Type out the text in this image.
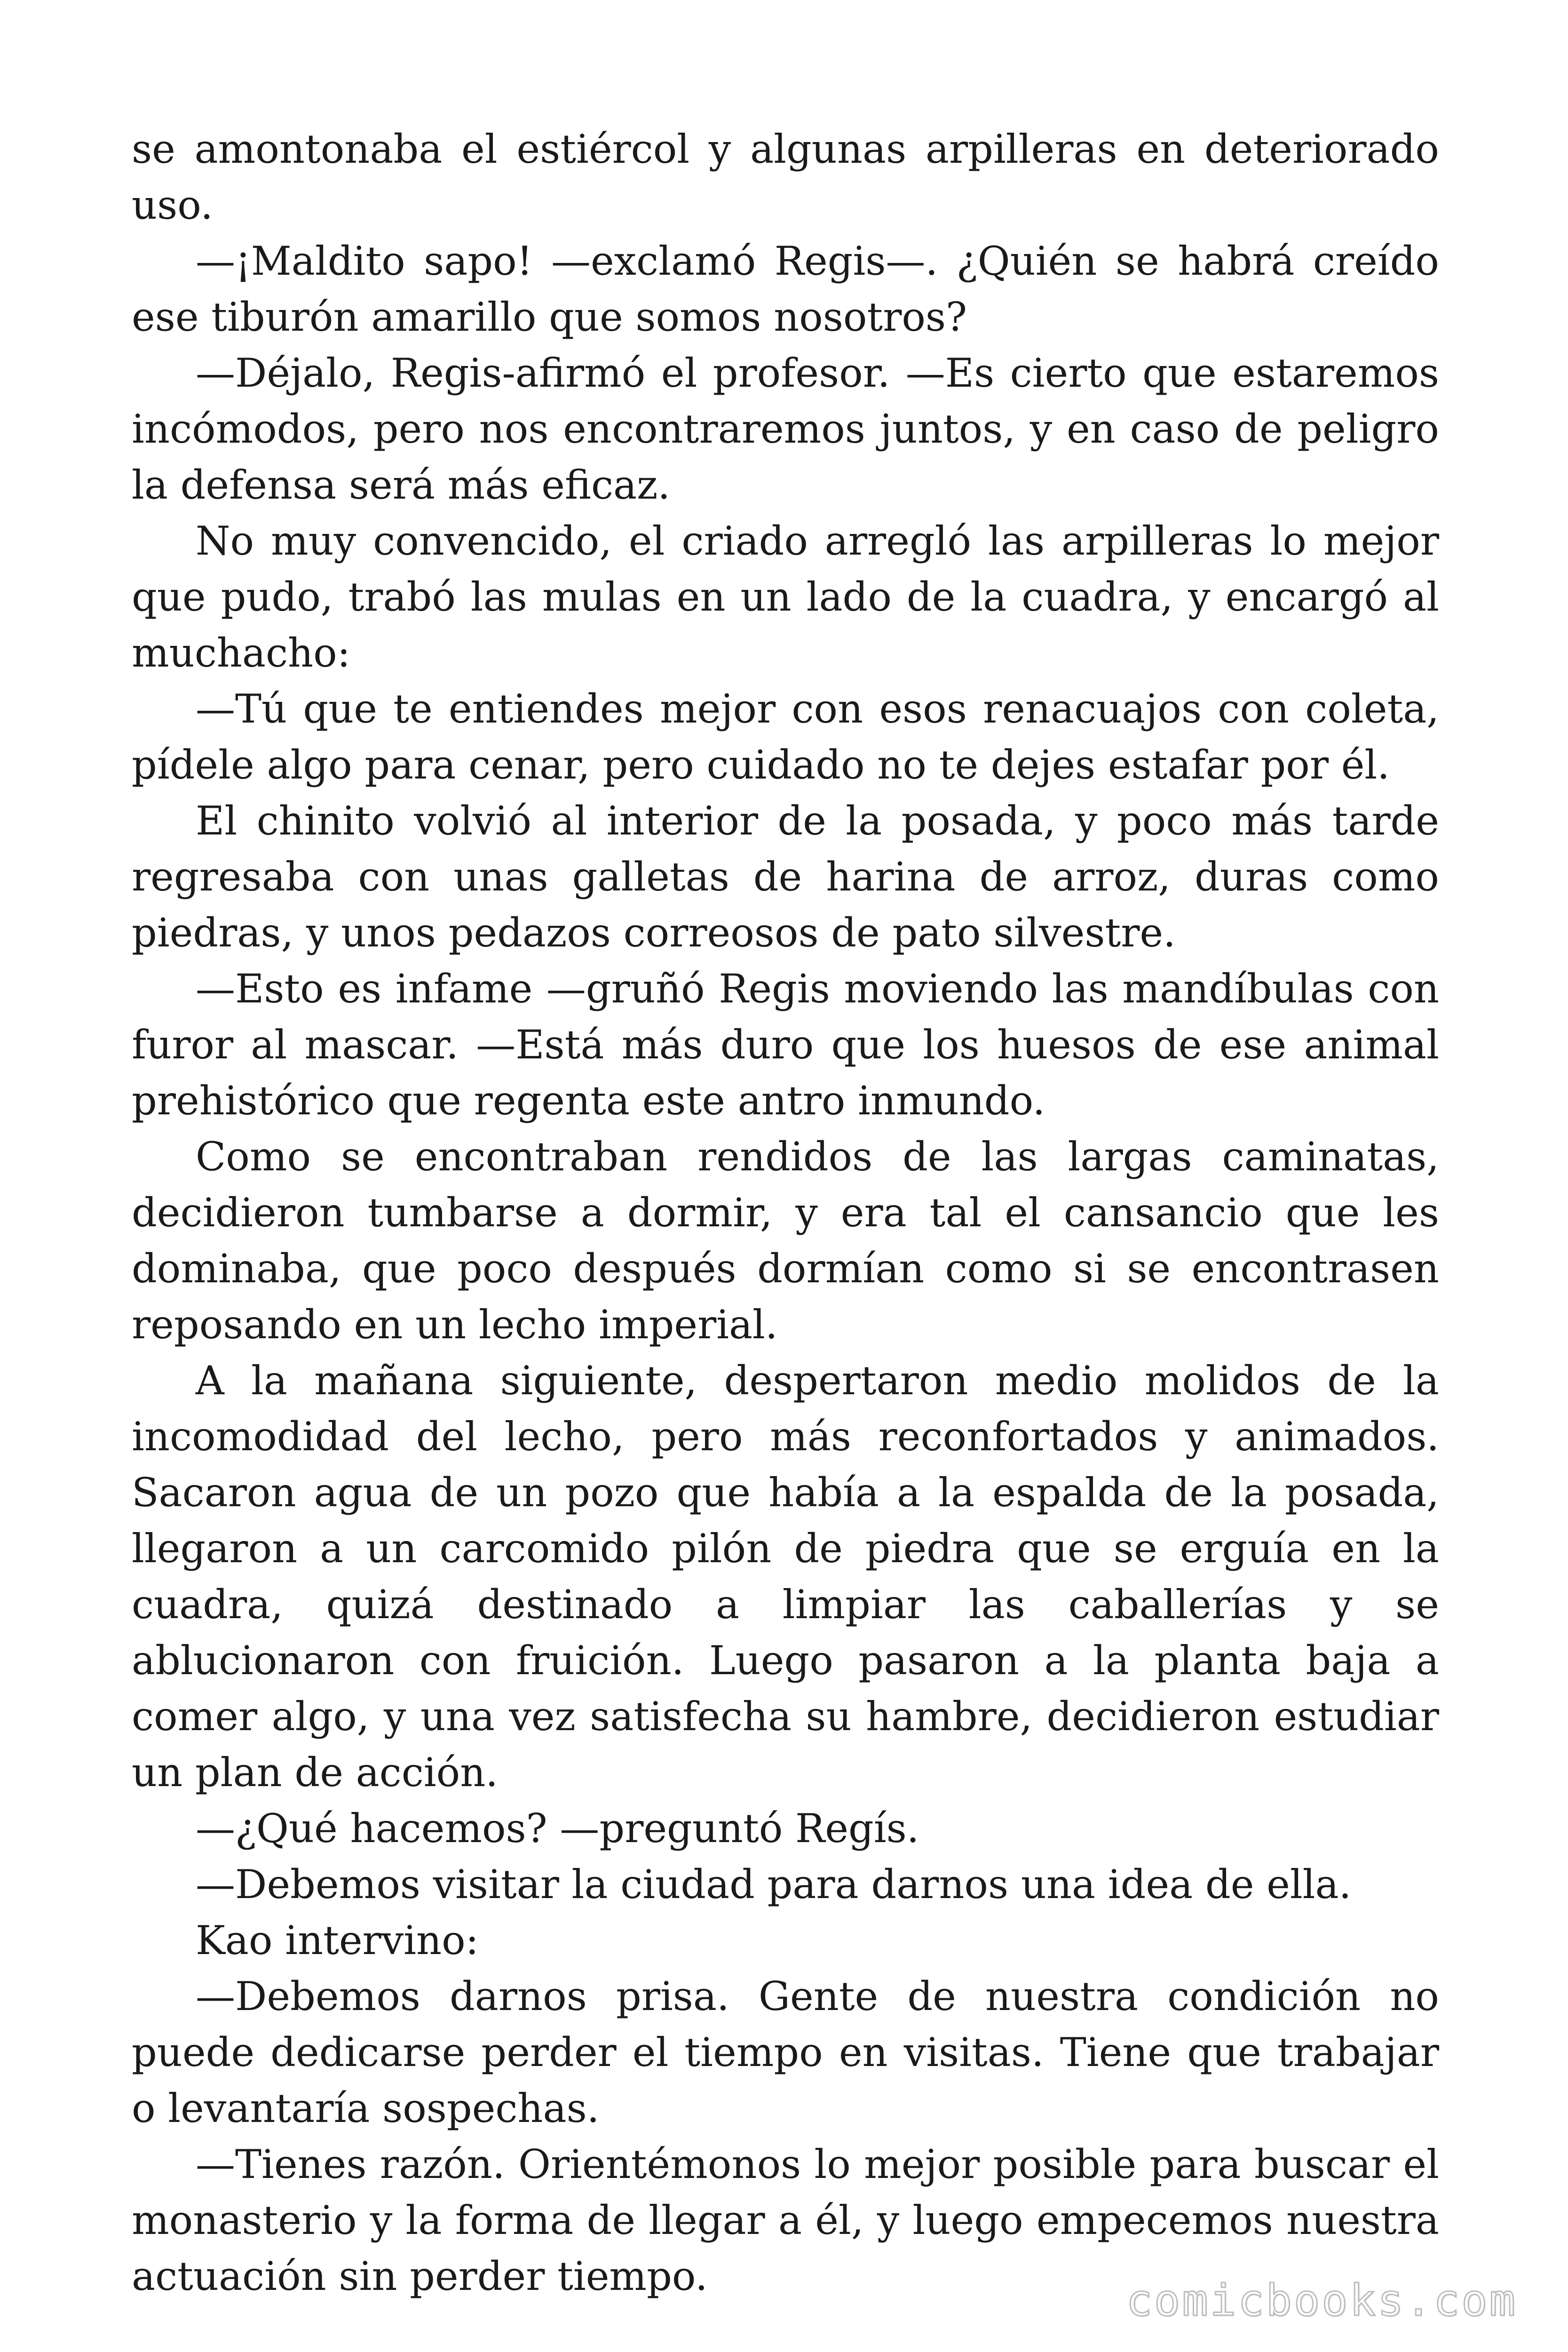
se amontonaba el estiércol y algunas arpilleras en deteriorado uso.

—¡Maldito sapo! —exclamó Regis—. ¿Quién se habrá creído ese tiburón amarillo que somos nosotros?

—Déjalo, Regis-afirmó el profesor. —Es cierto que estaremos incómodos, pero nos encontraremos juntos, y en caso de peligro la defensa será más eficaz.

No muy convencido, el criado arregló las arpilleras lo mejor que pudo, trabó las mulas en un lado de la cuadra, y encargó al muchacho:

—Tú que te entiendes mejor con esos renacuajos con coleta, pídele algo para cenar, pero cuidado no te dejes estafar por él.

El chinito volvió al interior de la posada, y poco más tarde regresaba con unas galletas de harina de arroz, duras como piedras, y unos pedazos correosos de pato silvestre.

—Esto es infame —gruñó Regis moviendo las mandíbulas con furor al mascar. —Está más duro que los huesos de ese animal prehistórico que regenta este antro inmundo.

Como se encontraban rendidos de las largas caminatas, decidieron tumbarse a dormir, y era tal el cansancio que les dominaba, que poco después dormían como si se encontrasen reposando en un lecho imperial.

A la mañana siguiente, despertaron medio molidos de la incomodidad del lecho, pero más reconfortados y animados. Sacaron agua de un pozo que había a la espalda de la posada, llegaron a un carcomido pilón de piedra que se erguía en la cuadra, quizá destinado a limpiar las caballerías y se ablucionaron con fruición. Luego pasaron a la planta baja a comer algo, y una vez satisfecha su hambre, decidieron estudiar un plan de acción.

—¿Qué hacemos? —preguntó Regís.

—Debemos visitar la ciudad para darnos una idea de ella.

Kao intervino:

—Debemos darnos prisa. Gente de nuestra condición no puede dedicarse perder el tiempo en visitas. Tiene que trabajar o levantaría sospechas.

—Tienes razón. Orientémonos lo mejor posible para buscar el monasterio y la forma de llegar a él, y luego empecemos nuestra actuación sin perder tiempo.	comicbooks.com
